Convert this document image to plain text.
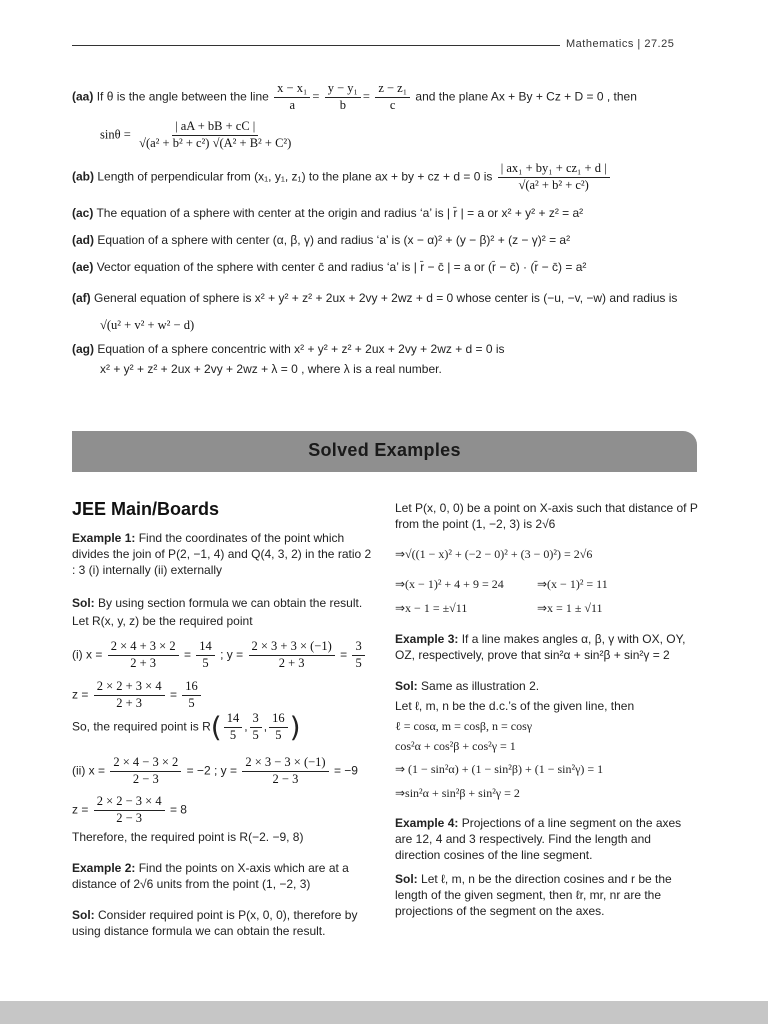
Mathematics | 27.25
(aa) If θ is the angle between the line $\frac{\text{x − x₁}}{a} = \frac{\text{y − y₁}}{b} = \frac{\text{z − z₁}}{c}$ and the plane Ax + By + Cz + D = 0 , then
$\sin\theta = \frac{| aA + bB + cC |}{\text{√(a² + b² + c²) √(A² + B² + C²)}}$
(ab) Length of perpendicular from (x₁, y₁, z₁) to the plane ax + by + cz + d = 0 is $\frac{\text{| ax₁ + by₁ + cz₁ + d |}}{\text{√(a² + b² + c²)}}$
(ac) The equation of a sphere with center at the origin and radius ‘a’ is | r̄ | = a or x² + y² + z² = a²
(ad) Equation of a sphere with center (α, β, γ) and radius ‘a’ is (x − α)² + (y − β)² + (z − γ)² = a²
(ae) Vector equation of the sphere with center c̄ and radius ‘a’ is | r̄ − c̄ | = a or (r̄ − c̄) · (r̄ − c̄) = a²
(af) General equation of sphere is x² + y² + z² + 2ux + 2vy + 2wz + d = 0 whose center is (−u, −v, −w) and radius is
√(u² + v² + w² − d)
(ag) Equation of a sphere concentric with x² + y² + z² + 2ux + 2vy + 2wz + d = 0 is
x² + y² + z² + 2ux + 2vy + 2wz + λ = 0 , where λ is a real number.
Solved Examples
JEE Main/Boards
Example 1: Find the coordinates of the point which divides the join of P(2, −1, 4) and Q(4, 3, 2) in the ratio 2 : 3 (i) internally (ii) externally
Sol: By using section formula we can obtain the result.
Let R(x, y, z) be the required point
(i) $x = \frac{2 \times 4 + 3 \times 2}{2 + 3} = \frac{14}{5}$ ; $y = \frac{2 \times 3 + 3 \times (-1)}{2 + 3} = \frac{3}{5}$
$z = \frac{2 \times 2 + 3 \times 4}{2 + 3} = \frac{16}{5}$
So, the required point is $R( \frac{14}{5}$ , $\frac{3}{5}$ , $\frac{16}{5}$ )
(ii) $x = \frac{2 \times 4 - 3 \times 2}{2 - 3} = -2$ ; $y = \frac{2 \times 3 - 3 \times (-1)}{2 - 3} = -9$
$z = \frac{2 \times 2 - 3 \times 4}{2 - 3} = 8$
Therefore, the required point is R(−2. −9, 8)
Example 2: Find the points on X-axis which are at a distance of 2√6 units from the point (1, −2, 3)
Sol: Consider required point is P(x, 0, 0), therefore by using distance formula we can obtain the result.
Let P(x, 0, 0) be a point on X-axis such that distance of P from the point (1, −2, 3) is 2√6
⇒√((1 − x)² + (−2 − 0)² + (3 − 0)²) = 2√6
⇒(x − 1)² + 4 + 9 = 24	⇒(x − 1)² = 11
⇒x − 1 = ±√11	⇒x = 1 ± √11
Example 3: If a line makes angles α, β, γ with OX, OY, OZ, respectively, prove that sin²α + sin²β + sin²γ = 2
Sol: Same as illustration 2.
Let ℓ, m, n be the d.c.’s of the given line, then
ℓ = cosα, m = cosβ, n = cosγ
cos²α + cos²β + cos²γ = 1
⇒ (1 − sin²α) + (1 − sin²β) + (1 − sin²γ) = 1
⇒sin²α + sin²β + sin²γ = 2
Example 4: Projections of a line segment on the axes are 12, 4 and 3 respectively. Find the length and direction cosines of the line segment.
Sol: Let ℓ, m, n be the direction cosines and r be the length of the given segment, then ℓr, mr, nr are the projections of the segment on the axes.
